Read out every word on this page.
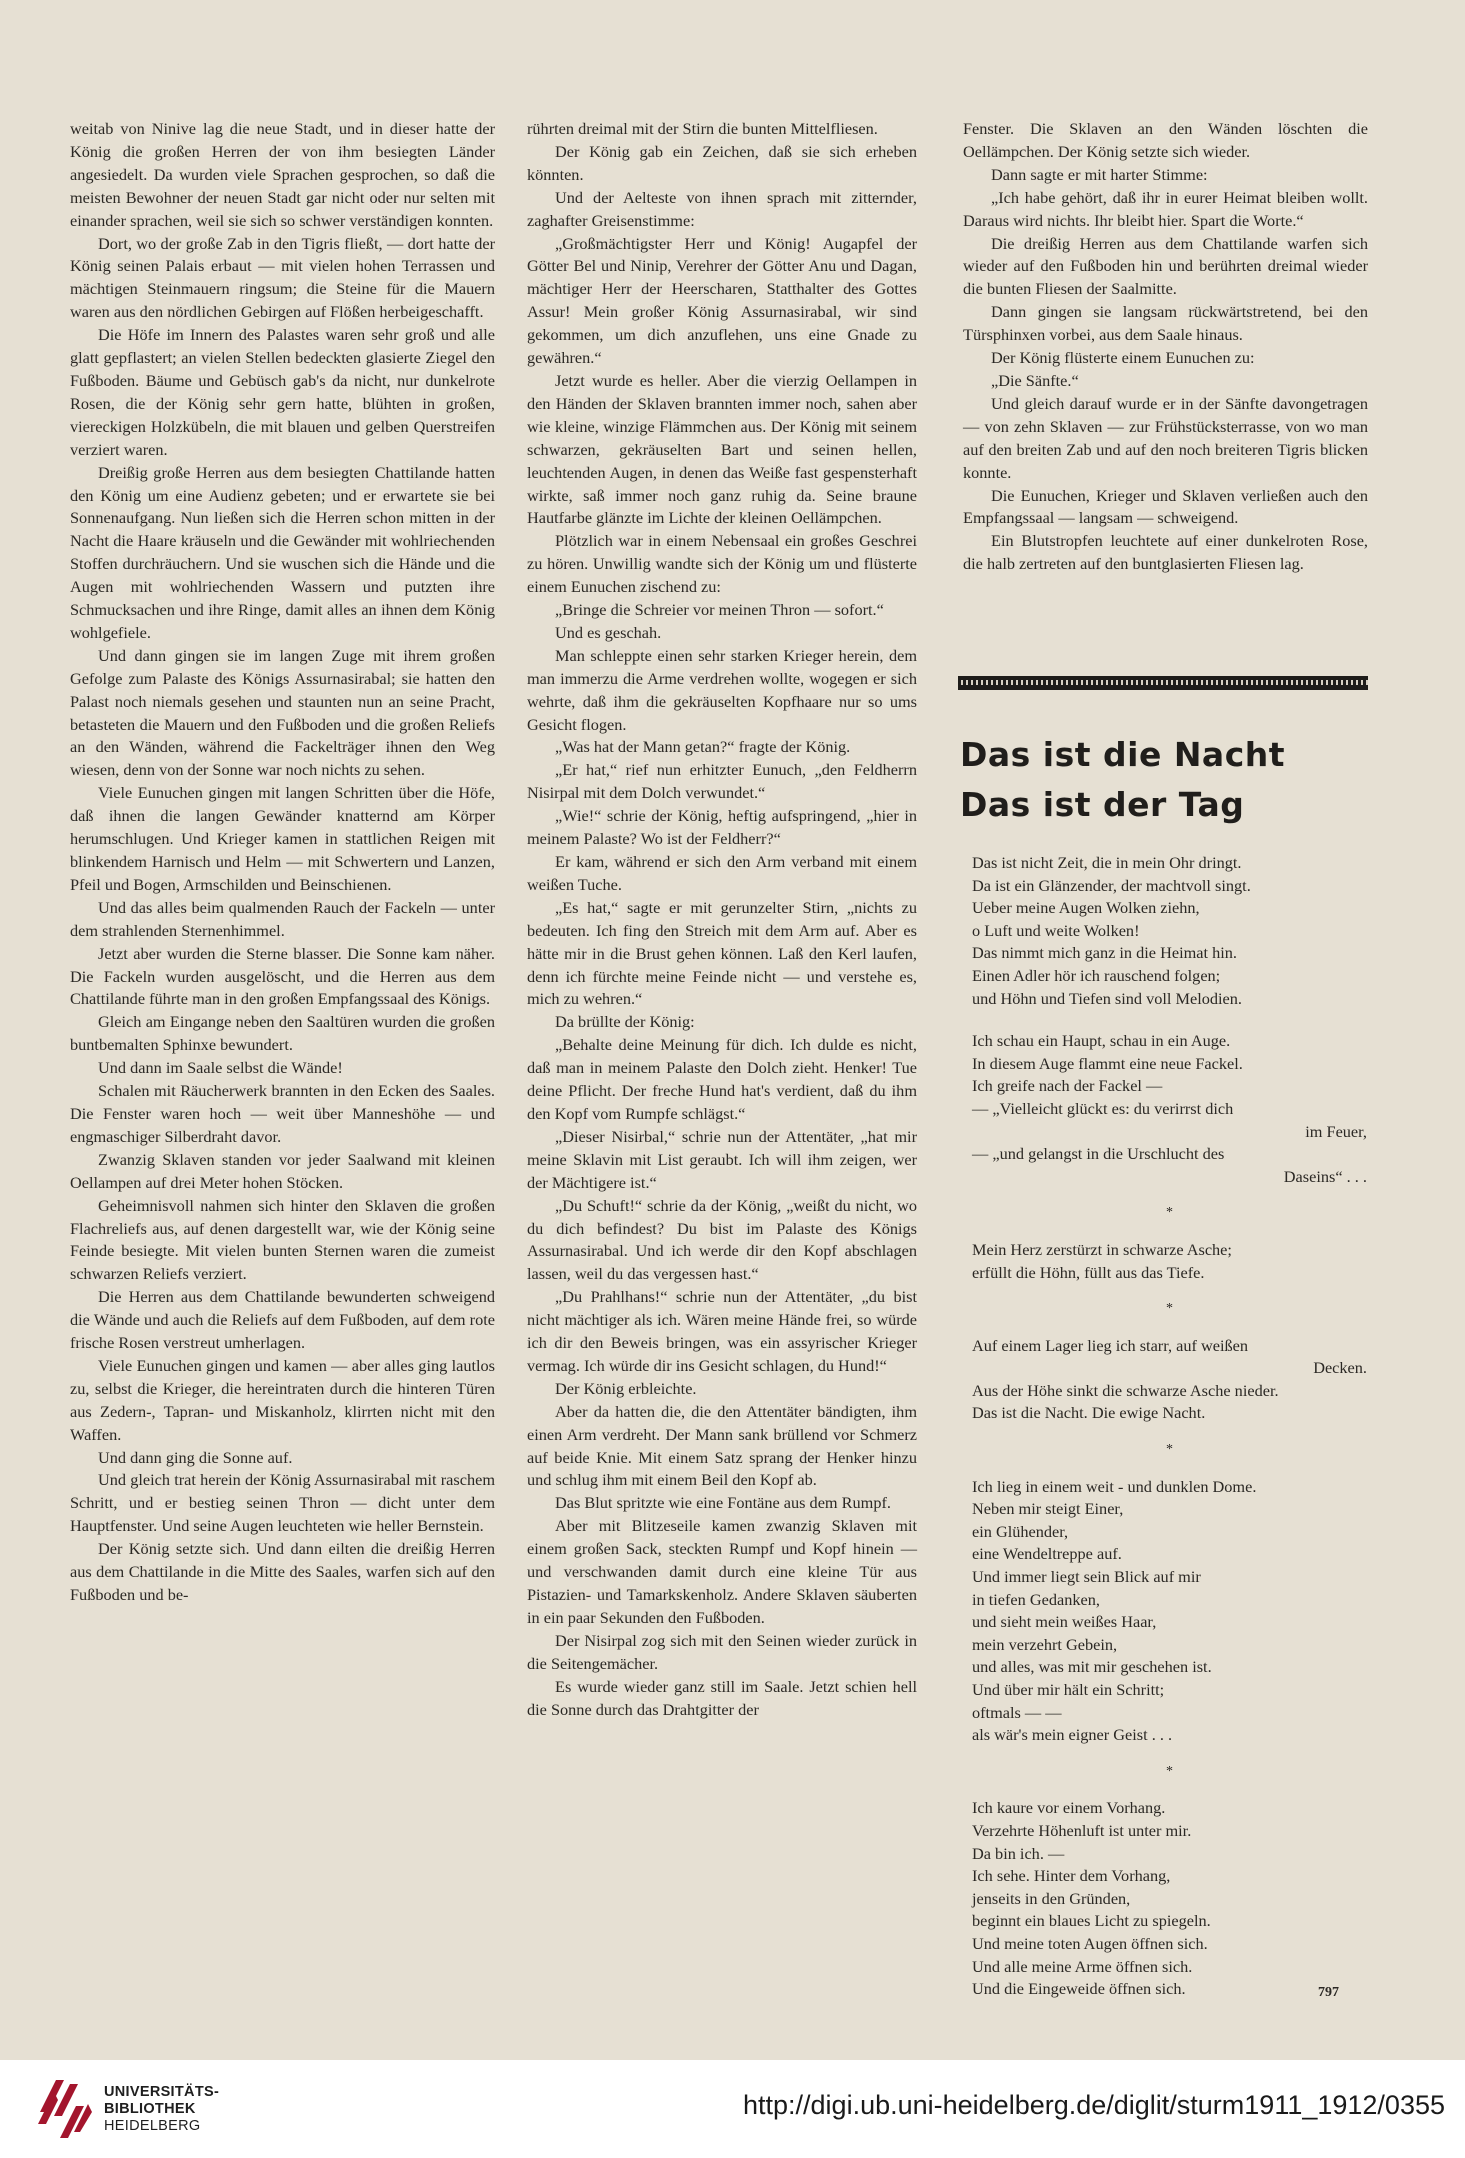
weitab von Ninive lag die neue Stadt, und in dieser hatte der König die großen Herren der von ihm besiegten Länder angesiedelt. Da wurden viele Sprachen gesprochen, so daß die meisten Bewohner der neuen Stadt gar nicht oder nur selten mit einander sprachen, weil sie sich so schwer verständigen konnten.

Dort, wo der große Zab in den Tigris fließt, — dort hatte der König seinen Palais erbaut — mit vielen hohen Terrassen und mächtigen Steinmauern ringsum; die Steine für die Mauern waren aus den nördlichen Gebirgen auf Flößen herbeigeschafft.

Die Höfe im Innern des Palastes waren sehr groß und alle glatt gepflastert; an vielen Stellen bedeckten glasierte Ziegel den Fußboden. Bäume und Gebüsch gab's da nicht, nur dunkelrote Rosen, die der König sehr gern hatte, blühten in großen, viereckigen Holzkübeln, die mit blauen und gelben Querstreifen verziert waren.

Dreißig große Herren aus dem besiegten Chattilande hatten den König um eine Audienz gebeten; und er erwartete sie bei Sonnenaufgang. Nun ließen sich die Herren schon mitten in der Nacht die Haare kräuseln und die Gewänder mit wohlriechenden Stoffen durchräuchern. Und sie wuschen sich die Hände und die Augen mit wohlriechenden Wassern und putzten ihre Schmucksachen und ihre Ringe, damit alles an ihnen dem König wohlgefiele.

Und dann gingen sie im langen Zuge mit ihrem großen Gefolge zum Palaste des Königs Assurnasirabal; sie hatten den Palast noch niemals gesehen und staunten nun an seine Pracht, betasteten die Mauern und den Fußboden und die großen Reliefs an den Wänden, während die Fackelträger ihnen den Weg wiesen, denn von der Sonne war noch nichts zu sehen.

Viele Eunuchen gingen mit langen Schritten über die Höfe, daß ihnen die langen Gewänder knatternd am Körper herumschlugen. Und Krieger kamen in stattlichen Reigen mit blinkendem Harnisch und Helm — mit Schwertern und Lanzen, Pfeil und Bogen, Armschilden und Beinschienen.

Und das alles beim qualmenden Rauch der Fackeln — unter dem strahlenden Sternenhimmel.

Jetzt aber wurden die Sterne blasser. Die Sonne kam näher. Die Fackeln wurden ausgelöscht, und die Herren aus dem Chattilande führte man in den großen Empfangssaal des Königs.

Gleich am Eingange neben den Saaltüren wurden die großen buntbemalten Sphinxe bewundert.

Und dann im Saale selbst die Wände!

Schalen mit Räucherwerk brannten in den Ecken des Saales. Die Fenster waren hoch — weit über Manneshöhe — und engmaschiger Silberdraht davor.

Zwanzig Sklaven standen vor jeder Saalwand mit kleinen Oellampen auf drei Meter hohen Stöcken.

Geheimnisvoll nahmen sich hinter den Sklaven die großen Flachreliefs aus, auf denen dargestellt war, wie der König seine Feinde besiegte. Mit vielen bunten Sternen waren die zumeist schwarzen Reliefs verziert.

Die Herren aus dem Chattilande bewunderten schweigend die Wände und auch die Reliefs auf dem Fußboden, auf dem rote frische Rosen verstreut umherlagen.

Viele Eunuchen gingen und kamen — aber alles ging lautlos zu, selbst die Krieger, die hereintraten durch die hinteren Türen aus Zedern-, Tapran- und Miskanholz, klirrten nicht mit den Waffen.

Und dann ging die Sonne auf.

Und gleich trat herein der König Assurnasirabal mit raschem Schritt, und er bestieg seinen Thron — dicht unter dem Hauptfenster. Und seine Augen leuchteten wie heller Bernstein.

Der König setzte sich. Und dann eilten die dreißig Herren aus dem Chattilande in die Mitte des Saales, warfen sich auf den Fußboden und be-

rührten dreimal mit der Stirn die bunten Mittelfliesen.

Der König gab ein Zeichen, daß sie sich erheben könnten.

Und der Aelteste von ihnen sprach mit zitternder, zaghafter Greisenstimme:

„Großmächtigster Herr und König! Augapfel der Götter Bel und Ninip, Verehrer der Götter Anu und Dagan, mächtiger Herr der Heerscharen, Statthalter des Gottes Assur! Mein großer König Assurnasirabal, wir sind gekommen, um dich anzuflehen, uns eine Gnade zu gewähren.“

Jetzt wurde es heller. Aber die vierzig Oellampen in den Händen der Sklaven brannten immer noch, sahen aber wie kleine, winzige Flämmchen aus. Der König mit seinem schwarzen, gekräuselten Bart und seinen hellen, leuchtenden Augen, in denen das Weiße fast gespensterhaft wirkte, saß immer noch ganz ruhig da. Seine braune Hautfarbe glänzte im Lichte der kleinen Oellämpchen.

Plötzlich war in einem Nebensaal ein großes Geschrei zu hören. Unwillig wandte sich der König um und flüsterte einem Eunuchen zischend zu:

„Bringe die Schreier vor meinen Thron — sofort.“

Und es geschah.

Man schleppte einen sehr starken Krieger herein, dem man immerzu die Arme verdrehen wollte, wogegen er sich wehrte, daß ihm die gekräuselten Kopfhaare nur so ums Gesicht flogen.

„Was hat der Mann getan?“ fragte der König.

„Er hat,“ rief nun erhitzter Eunuch, „den Feldherrn Nisirpal mit dem Dolch verwundet.“

„Wie!“ schrie der König, heftig aufspringend, „hier in meinem Palaste? Wo ist der Feldherr?“

Er kam, während er sich den Arm verband mit einem weißen Tuche.

„Es hat,“ sagte er mit gerunzelter Stirn, „nichts zu bedeuten. Ich fing den Streich mit dem Arm auf. Aber es hätte mir in die Brust gehen können. Laß den Kerl laufen, denn ich fürchte meine Feinde nicht — und verstehe es, mich zu wehren.“

Da brüllte der König:

„Behalte deine Meinung für dich. Ich dulde es nicht, daß man in meinem Palaste den Dolch zieht. Henker! Tue deine Pflicht. Der freche Hund hat's verdient, daß du ihm den Kopf vom Rumpfe schlägst.“

„Dieser Nisirbal,“ schrie nun der Attentäter, „hat mir meine Sklavin mit List geraubt. Ich will ihm zeigen, wer der Mächtigere ist.“

„Du Schuft!“ schrie da der König, „weißt du nicht, wo du dich befindest? Du bist im Palaste des Königs Assurnasirabal. Und ich werde dir den Kopf abschlagen lassen, weil du das vergessen hast.“

„Du Prahlhans!“ schrie nun der Attentäter, „du bist nicht mächtiger als ich. Wären meine Hände frei, so würde ich dir den Beweis bringen, was ein assyrischer Krieger vermag. Ich würde dir ins Gesicht schlagen, du Hund!“

Der König erbleichte.

Aber da hatten die, die den Attentäter bändigten, ihm einen Arm verdreht. Der Mann sank brüllend vor Schmerz auf beide Knie. Mit einem Satz sprang der Henker hinzu und schlug ihm mit einem Beil den Kopf ab.

Das Blut spritzte wie eine Fontäne aus dem Rumpf.

Aber mit Blitzeseile kamen zwanzig Sklaven mit einem großen Sack, steckten Rumpf und Kopf hinein — und verschwanden damit durch eine kleine Tür aus Pistazien- und Tamarkskenholz. Andere Sklaven säuberten in ein paar Sekunden den Fußboden.

Der Nisirpal zog sich mit den Seinen wieder zurück in die Seitengemächer.

Es wurde wieder ganz still im Saale. Jetzt schien hell die Sonne durch das Drahtgitter der

Fenster. Die Sklaven an den Wänden löschten die Oellämpchen. Der König setzte sich wieder.

Dann sagte er mit harter Stimme:

„Ich habe gehört, daß ihr in eurer Heimat bleiben wollt. Daraus wird nichts. Ihr bleibt hier. Spart die Worte.“

Die dreißig Herren aus dem Chattilande warfen sich wieder auf den Fußboden hin und berührten dreimal wieder die bunten Fliesen der Saalmitte.

Dann gingen sie langsam rückwärtstretend, bei den Türsphinxen vorbei, aus dem Saale hinaus.

Der König flüsterte einem Eunuchen zu:

„Die Sänfte.“

Und gleich darauf wurde er in der Sänfte davongetragen — von zehn Sklaven — zur Frühstücksterrasse, von wo man auf den breiten Zab und auf den noch breiteren Tigris blicken konnte.

Die Eunuchen, Krieger und Sklaven verließen auch den Empfangssaal — langsam — schweigend.

Ein Blutstropfen leuchtete auf einer dunkelroten Rose, die halb zertreten auf den buntglasierten Fliesen lag.

Das ist die Nacht
Das ist der Tag
Das ist nicht Zeit, die in mein Ohr dringt.
Da ist ein Glänzender, der machtvoll singt.
Ueber meine Augen Wolken ziehn,
o Luft und weite Wolken!
Das nimmt mich ganz in die Heimat hin.
Einen Adler hör ich rauschend folgen;
und Höhn und Tiefen sind voll Melodien.
Ich schau ein Haupt, schau in ein Auge.
In diesem Auge flammt eine neue Fackel.
Ich greife nach der Fackel —
— „Vielleicht glückt es: du verirrst dich
im Feuer,
— „und gelangst in die Urschlucht des
Daseins“ . . .
*
Mein Herz zerstürzt in schwarze Asche;
erfüllt die Höhn, füllt aus das Tiefe.
*
Auf einem Lager lieg ich starr, auf weißen
Decken.
Aus der Höhe sinkt die schwarze Asche nieder.
Das ist die Nacht. Die ewige Nacht.
*
Ich lieg in einem weit - und dunklen Dome.
Neben mir steigt Einer,
ein Glühender,
eine Wendeltreppe auf.
Und immer liegt sein Blick auf mir
in tiefen Gedanken,
und sieht mein weißes Haar,
mein verzehrt Gebein,
und alles, was mit mir geschehen ist.
Und über mir hält ein Schritt;
oftmals — —
als wär's mein eigner Geist . . .
*
Ich kaure vor einem Vorhang.
Verzehrte Höhenluft ist unter mir.
Da bin ich. —
Ich sehe. Hinter dem Vorhang,
jenseits in den Gründen,
beginnt ein blaues Licht zu spiegeln.
Und meine toten Augen öffnen sich.
Und alle meine Arme öffnen sich.
Und die Eingeweide öffnen sich.	797
UNIVERSITÄTS-
BIBLIOTHEK
HEIDELBERG
http://digi.ub.uni-heidelberg.de/diglit/sturm1911_1912/0355
